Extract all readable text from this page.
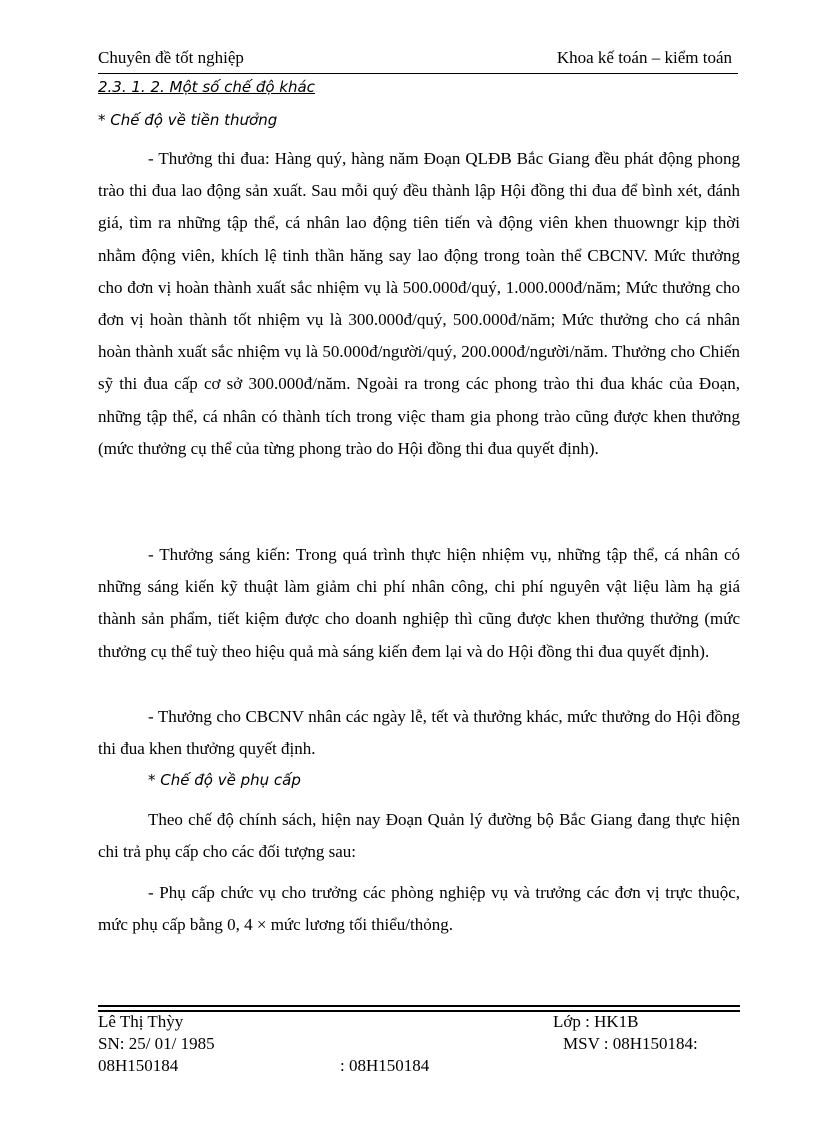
Chuyên đề tốt nghiệp	Khoa kế toán – kiểm toán
2.3. 1. 2. Một số chế độ khác
* Chế độ về tiền thưởng

- Thưởng thi đua: Hàng quý, hàng năm Đoạn QLĐB Bắc Giang đều phát động phong trào thi đua lao động sản xuất. Sau mỗi quý đều thành lập Hội đồng thi đua để bình xét, đánh giá, tìm ra những tập thể, cá nhân lao động tiên tiến và động viên khen thuowngr kịp thời nhằm động viên, khích lệ tinh thần hăng say lao động trong toàn thể CBCNV. Mức thưởng cho đơn vị hoàn thành xuất sắc nhiệm vụ là 500.000đ/quý, 1.000.000đ/năm; Mức thưởng cho đơn vị hoàn thành tốt nhiệm vụ là 300.000đ/quý, 500.000đ/năm; Mức thưởng cho cá nhân hoàn thành xuất sắc nhiệm vụ là 50.000đ/người/quý, 200.000đ/người/năm. Thưởng cho Chiến sỹ thi đua cấp cơ sở 300.000đ/năm. Ngoài ra trong các phong trào thi đua khác của Đoạn, những tập thể, cá nhân có thành tích trong việc tham gia phong trào cũng được khen thưởng (mức thưởng cụ thể của từng phong trào do Hội đồng thi đua quyết định).

- Thưởng sáng kiến: Trong quá trình thực hiện nhiệm vụ, những tập thể, cá nhân có những sáng kiến kỹ thuật làm giảm chi phí nhân công, chi phí nguyên vật liệu làm hạ giá thành sản phẩm, tiết kiệm được cho doanh nghiệp thì cũng được khen thưởng thưởng (mức thưởng cụ thể tuỳ theo hiệu quả mà sáng kiến đem lại và do Hội đồng thi đua quyết định).

- Thưởng cho CBCNV nhân các ngày lễ, tết và thưởng khác, mức thưởng do Hội đồng thi đua khen thưởng quyết định.

* Chế độ về phụ cấp

Theo chế độ chính sách, hiện nay Đoạn Quản lý đường bộ Bắc Giang đang thực hiện chi trả phụ cấp cho các đối tượng sau:

- Phụ cấp chức vụ cho trưởng các phòng nghiệp vụ và trưởng các đơn vị trực thuộc, mức phụ cấp bằng 0, 4 × mức lương tối thiểu/thỏng.

Lê Thị Thỳy	Lớp : HK1B
SN: 25/ 01/ 1985	MSV : 08H150184:
08H150184	: 08H150184
